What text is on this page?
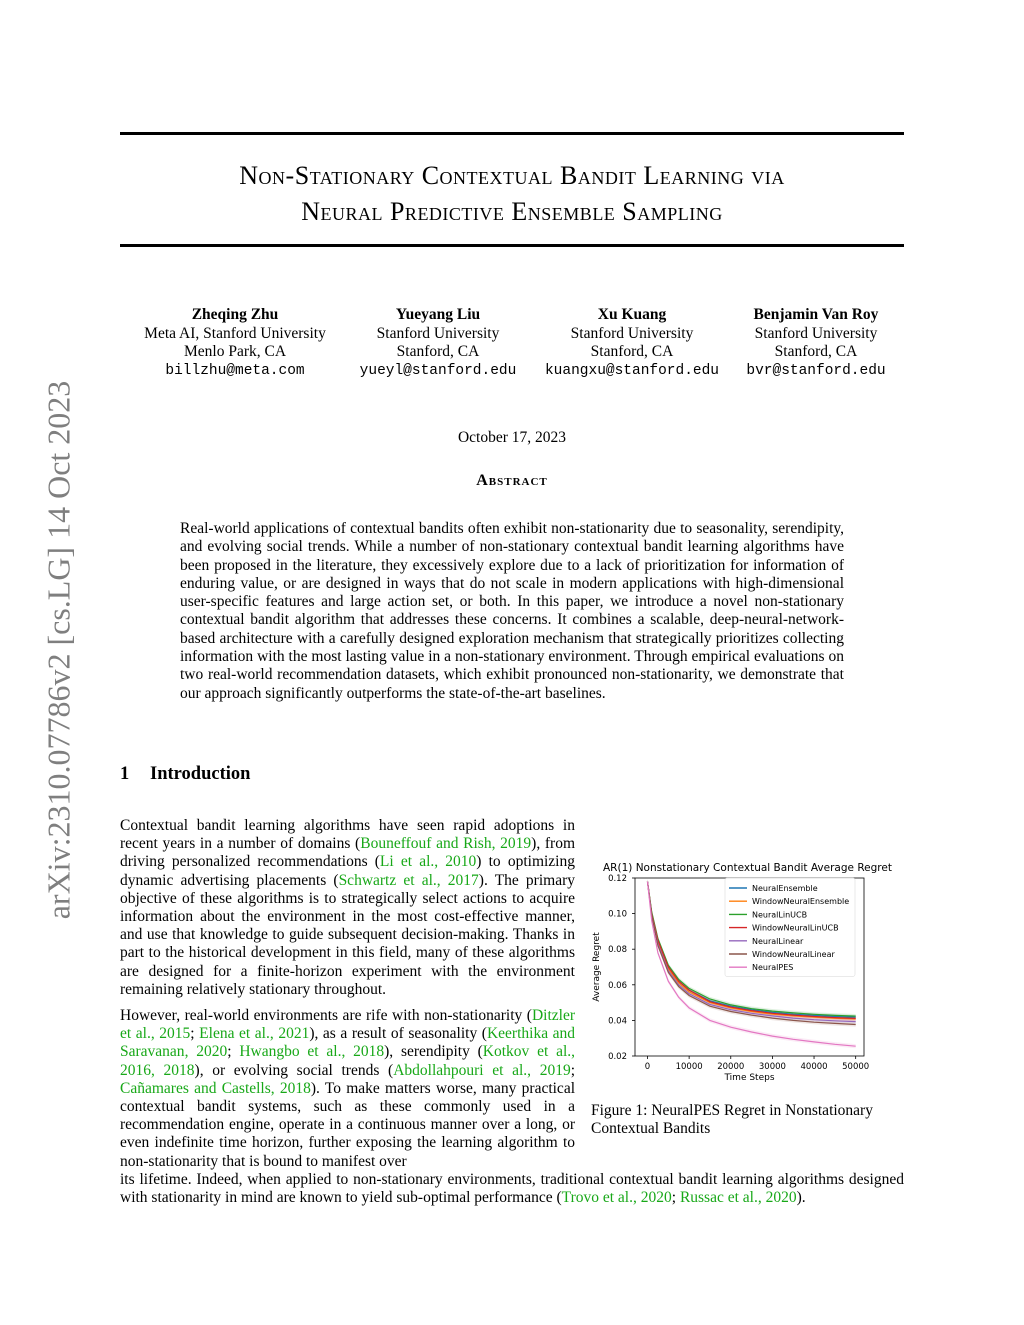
arXiv:2310.07786v2 [cs.LG] 14 Oct 2023
Non-Stationary Contextual Bandit Learning via
Neural Predictive Ensemble Sampling
Zheqing Zhu
Meta AI, Stanford University
Menlo Park, CA
billzhu@meta.com
Yueyang Liu
Stanford University
Stanford, CA
yueyl@stanford.edu
Xu Kuang
Stanford University
Stanford, CA
kuangxu@stanford.edu
Benjamin Van Roy
Stanford University
Stanford, CA
bvr@stanford.edu
October 17, 2023
Abstract
Real-world applications of contextual bandits often exhibit non-stationarity due to seasonality, serendipity, and evolving social trends. While a number of non-stationary contextual bandit learning algorithms have been proposed in the literature, they excessively explore due to a lack of prioritization for information of enduring value, or are designed in ways that do not scale in modern applications with high-dimensional user-specific features and large action set, or both. In this paper, we introduce a novel non-stationary contextual bandit algorithm that addresses these concerns. It combines a scalable, deep-neural-network-based architecture with a carefully designed exploration mechanism that strategically prioritizes collecting information with the most lasting value in a non-stationary environment. Through empirical evaluations on two real-world recommendation datasets, which exhibit pronounced non-stationarity, we demonstrate that our approach significantly outperforms the state-of-the-art baselines.
1 Introduction
Contextual bandit learning algorithms have seen rapid adoptions in recent years in a number of domains (Bouneffouf and Rish, 2019), from driving personalized recommendations (Li et al., 2010) to optimizing dynamic advertising placements (Schwartz et al., 2017). The primary objective of these algorithms is to strategically select actions to acquire information about the environment in the most cost-effective manner, and use that knowledge to guide subsequent decision-making. Thanks in part to the historical development in this field, many of these algorithms are designed for a finite-horizon experiment with the environment remaining relatively stationary throughout.
However, real-world environments are rife with non-stationarity (Ditzler et al., 2015; Elena et al., 2021), as a result of seasonality (Keerthika and Saravanan, 2020; Hwangbo et al., 2018), serendipity (Kotkov et al., 2016, 2018), or evolving social trends (Abdollahpouri et al., 2019; Cañamares and Castells, 2018). To make matters worse, many practical contextual bandit systems, such as these commonly used in a recommendation engine, operate in a continuous manner over a long, or even indefinite time horizon, further exposing the learning algorithm to non-stationarity that is bound to manifest over
its lifetime. Indeed, when applied to non-stationary environments, traditional contextual bandit learning algorithms designed with stationarity in mind are known to yield sub-optimal performance (Trovo et al., 2020; Russac et al., 2020).
AR(1) Nonstationary Contextual Bandit Average Regret
0	10000 20000 30000 40000 50000
0.02
0.04
0.06
0.08
0.10
0.12
Time Steps
Average Regret
NeuralEnsemble
WindowNeuralEnsemble
NeuralLinUCB
WindowNeuralLinUCB
NeuralLinear
WindowNeuralLinear
NeuralPES
Figure 1: NeuralPES Regret in Nonstationary Contextual Bandits
